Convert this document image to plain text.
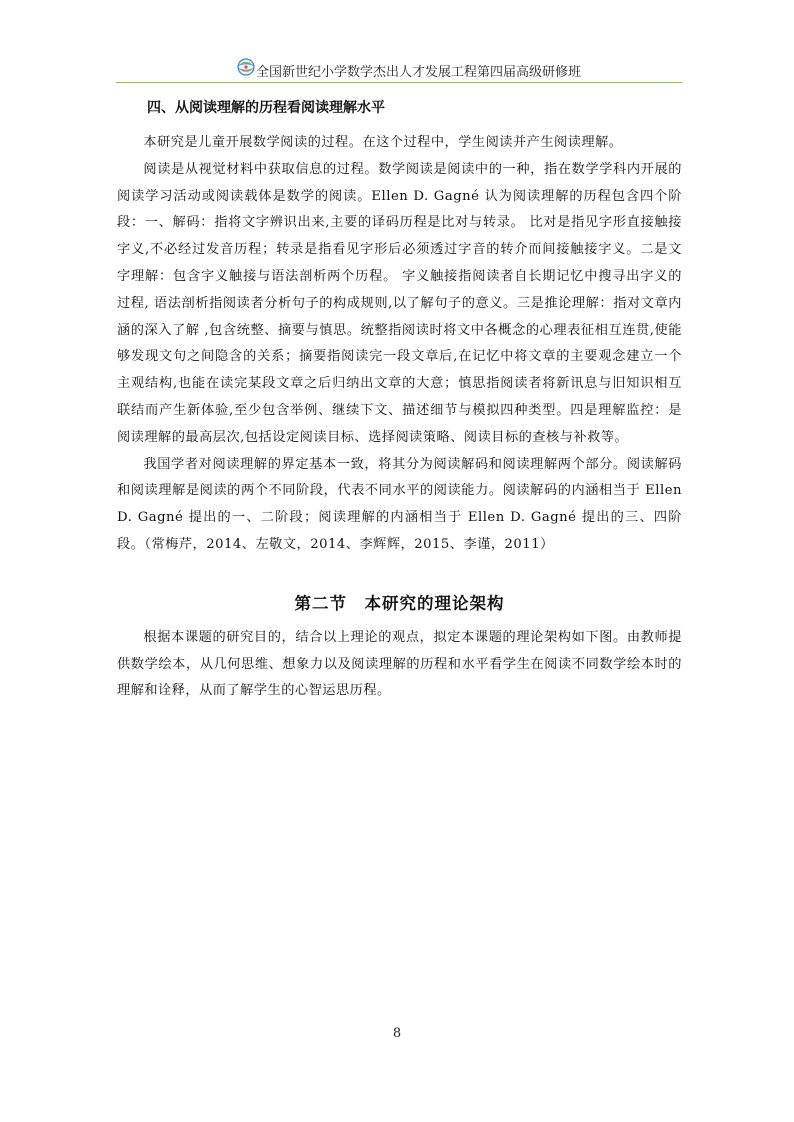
全国新世纪小学数学杰出人才发展工程第四届高级研修班
四、从阅读理解的历程看阅读理解水平

本研究是儿童开展数学阅读的过程。在这个过程中，学生阅读并产生阅读理解。

阅读是从视觉材料中获取信息的过程。数学阅读是阅读中的一种，指在数学学科内开展的阅读学习活动或阅读载体是数学的阅读。Ellen D. Gagné 认为阅读理解的历程包含四个阶段：一、解码：指将文字辨识出来,主要的译码历程是比对与转录。 比对是指见字形直接触接字义,不必经过发音历程；转录是指看见字形后必须透过字音的转介而间接触接字义。二是文字理解：包含字义触接与语法剖析两个历程。 字义触接指阅读者自长期记忆中搜寻出字义的过程, 语法剖析指阅读者分析句子的构成规则,以了解句子的意义。三是推论理解：指对文章内涵的深入了解 ,包含统整、摘要与慎思。统整指阅读时将文中各概念的心理表征相互连贯,使能够发现文句之间隐含的关系；摘要指阅读完一段文章后,在记忆中将文章的主要观念建立一个主观结构,也能在读完某段文章之后归纳出文章的大意；慎思指阅读者将新讯息与旧知识相互联结而产生新体验,至少包含举例、继续下文、描述细节与模拟四种类型。四是理解监控：是阅读理解的最高层次,包括设定阅读目标、选择阅读策略、阅读目标的查核与补救等。

我国学者对阅读理解的界定基本一致，将其分为阅读解码和阅读理解两个部分。阅读解码和阅读理解是阅读的两个不同阶段，代表不同水平的阅读能力。阅读解码的内涵相当于 Ellen D. Gagné 提出的一、二阶段；阅读理解的内涵相当于 Ellen D. Gagné 提出的三、四阶段。（常梅芹，2014、左敬文，2014、李辉辉，2015、李谨，2011）

第二节　本研究的理论架构

根据本课题的研究目的，结合以上理论的观点，拟定本课题的理论架构如下图。由教师提供数学绘本，从几何思维、想象力以及阅读理解的历程和水平看学生在阅读不同数学绘本时的理解和诠释，从而了解学生的心智运思历程。

8
